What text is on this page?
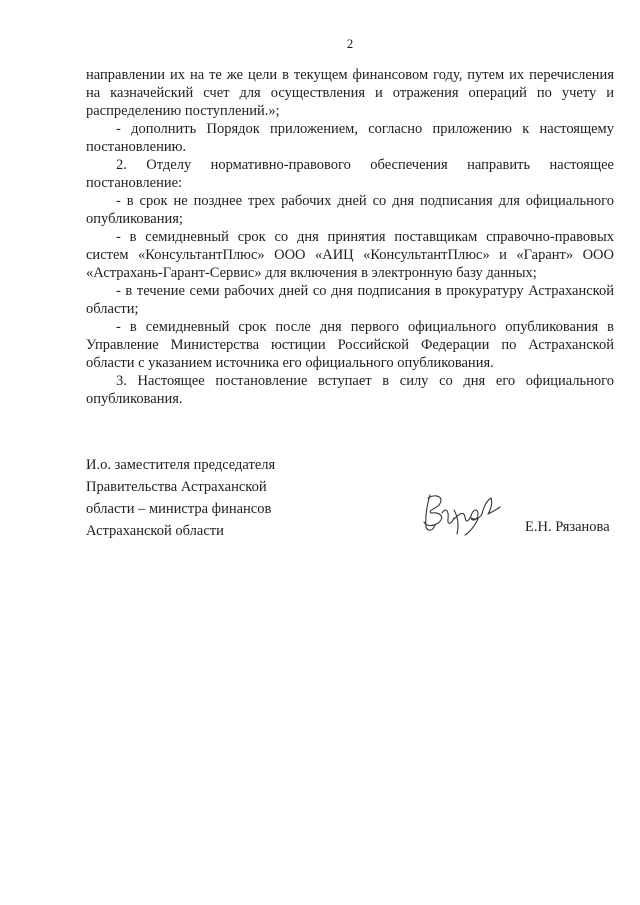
2

направлении их на те же цели в текущем финансовом году, путем их перечисления на казначейский счет для осуществления и отражения операций по учету и распределению поступлений.»;

- дополнить Порядок приложением, согласно приложению к настоящему постановлению.

2. Отделу нормативно-правового обеспечения направить настоящее постановление:

- в срок не позднее трех рабочих дней со дня подписания для официального опубликования;

- в семидневный срок со дня принятия поставщикам справочно-правовых систем «КонсультантПлюс» ООО «АИЦ «КонсультантПлюс» и «Гарант» ООО «Астрахань-Гарант-Сервис» для включения в электронную базу данных;

- в течение семи рабочих дней со дня подписания в прокуратуру Астраханской области;

- в семидневный срок после дня первого официального опубликования в Управление Министерства юстиции Российской Федерации по Астраханской области с указанием источника его официального опубликования.

3. Настоящее постановление вступает в силу со дня его официального опубликования.

И.о. заместителя председателя
Правительства Астраханской
области – министра финансов
Астраханской области	Е.Н. Рязанова
